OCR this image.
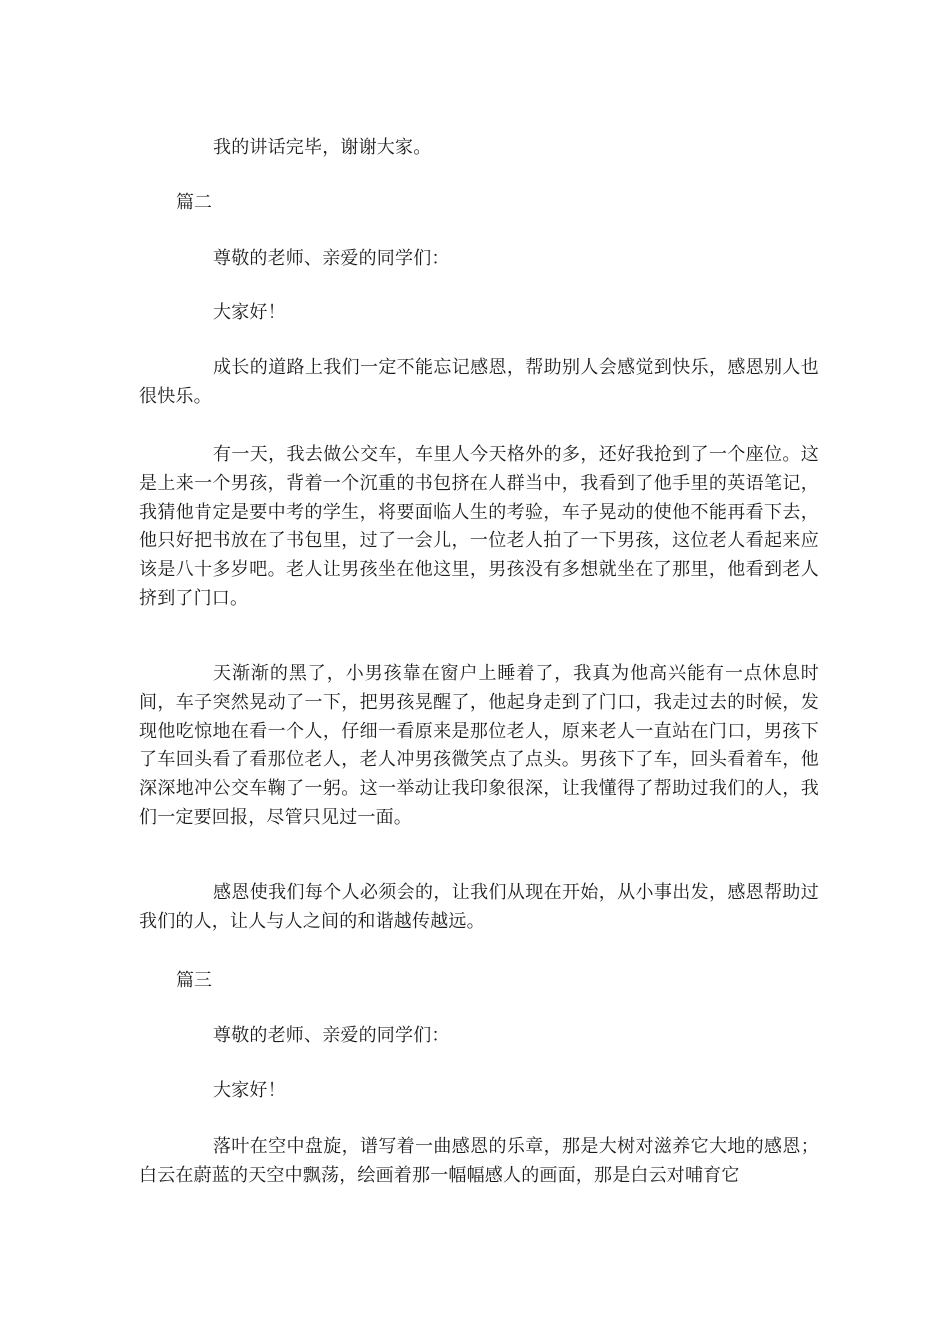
我的讲话完毕，谢谢大家。

篇二

尊敬的老师、亲爱的同学们：

大家好！

成长的道路上我们一定不能忘记感恩，帮助别人会感觉到快乐，感恩别人也很快乐。

有一天，我去做公交车，车里人今天格外的多，还好我抢到了一个座位。这是上来一个男孩，背着一个沉重的书包挤在人群当中，我看到了他手里的英语笔记，我猜他肯定是要中考的学生，将要面临人生的考验，车子晃动的使他不能再看下去，他只好把书放在了书包里，过了一会儿，一位老人拍了一下男孩，这位老人看起来应该是八十多岁吧。老人让男孩坐在他这里，男孩没有多想就坐在了那里，他看到老人挤到了门口。

天渐渐的黑了，小男孩靠在窗户上睡着了，我真为他高兴能有一点休息时间，车子突然晃动了一下，把男孩晃醒了，他起身走到了门口，我走过去的时候，发现他吃惊地在看一个人，仔细一看原来是那位老人，原来老人一直站在门口，男孩下了车回头看了看那位老人，老人冲男孩微笑点了点头。男孩下了车，回头看着车，他深深地冲公交车鞠了一躬。这一举动让我印象很深，让我懂得了帮助过我们的人，我们一定要回报，尽管只见过一面。

感恩使我们每个人必须会的，让我们从现在开始，从小事出发，感恩帮助过我们的人，让人与人之间的和谐越传越远。

篇三

尊敬的老师、亲爱的同学们：

大家好！

落叶在空中盘旋，谱写着一曲感恩的乐章，那是大树对滋养它大地的感恩；白云在蔚蓝的天空中飘荡，绘画着那一幅幅感人的画面，那是白云对哺育它
